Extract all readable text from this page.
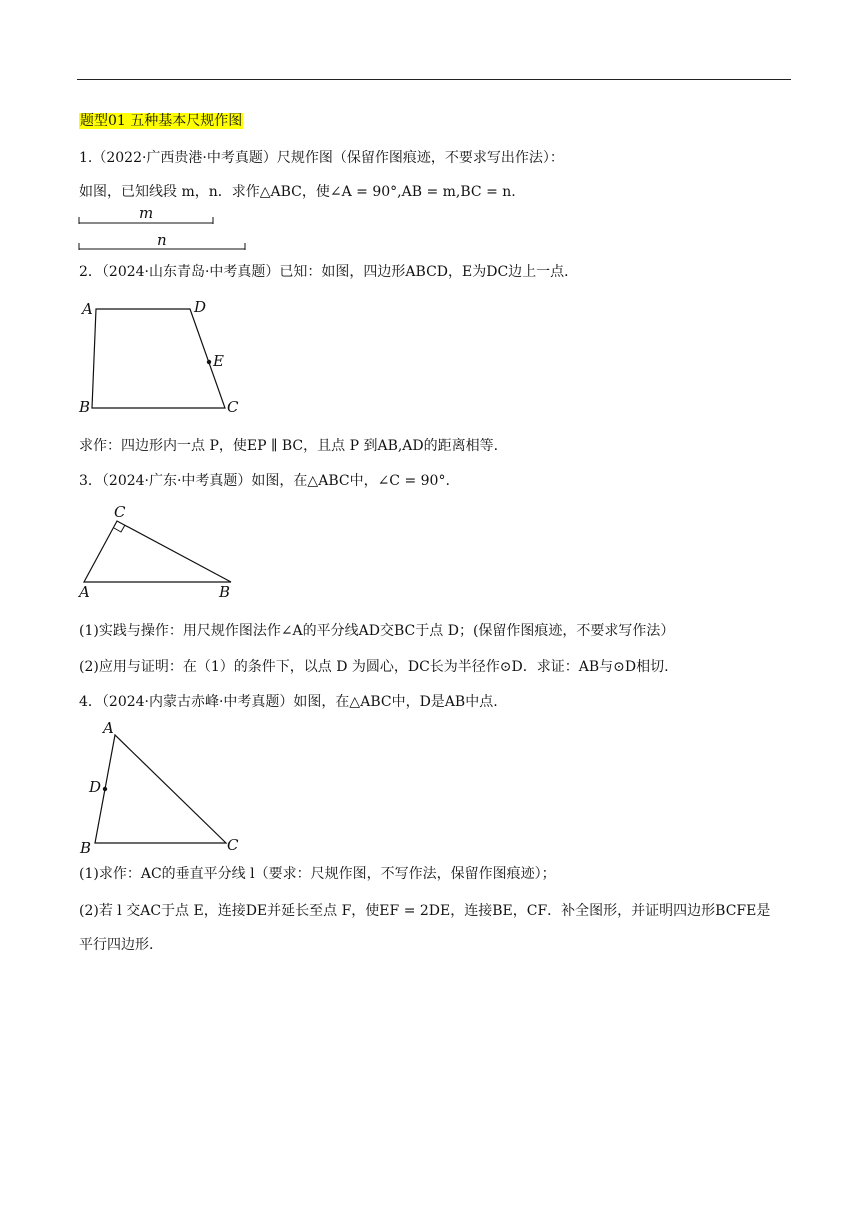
题型01 五种基本尺规作图
1.（2022·广西贵港·中考真题）尺规作图（保留作图痕迹，不要求写出作法）：
如图，已知线段 m，n．求作△ABC，使∠A = 90°,AB = m,BC = n.
m
n
A	D
E
B	C
C
A	B
A
D
B	C
2．（2024·山东青岛·中考真题）已知：如图，四边形ABCD，E为DC边上一点．
求作：四边形内一点 P，使EP ∥ BC，且点 P 到AB,AD的距离相等.
3．（2024·广东·中考真题）如图，在△ABC中，∠C = 90°.
(1)实践与操作：用尺规作图法作∠A的平分线AD交BC于点 D；(保留作图痕迹，不要求写作法）
(2)应用与证明：在（1）的条件下，以点 D 为圆心，DC长为半径作⊙D．求证：AB与⊙D相切.
4．（2024·内蒙古赤峰·中考真题）如图，在△ABC中，D是AB中点.
(1)求作：AC的垂直平分线 l（要求：尺规作图，不写作法，保留作图痕迹）；
(2)若 l 交AC于点 E，连接DE并延长至点 F，使EF = 2DE，连接BE，CF．补全图形，并证明四边形BCFE是
平行四边形.
